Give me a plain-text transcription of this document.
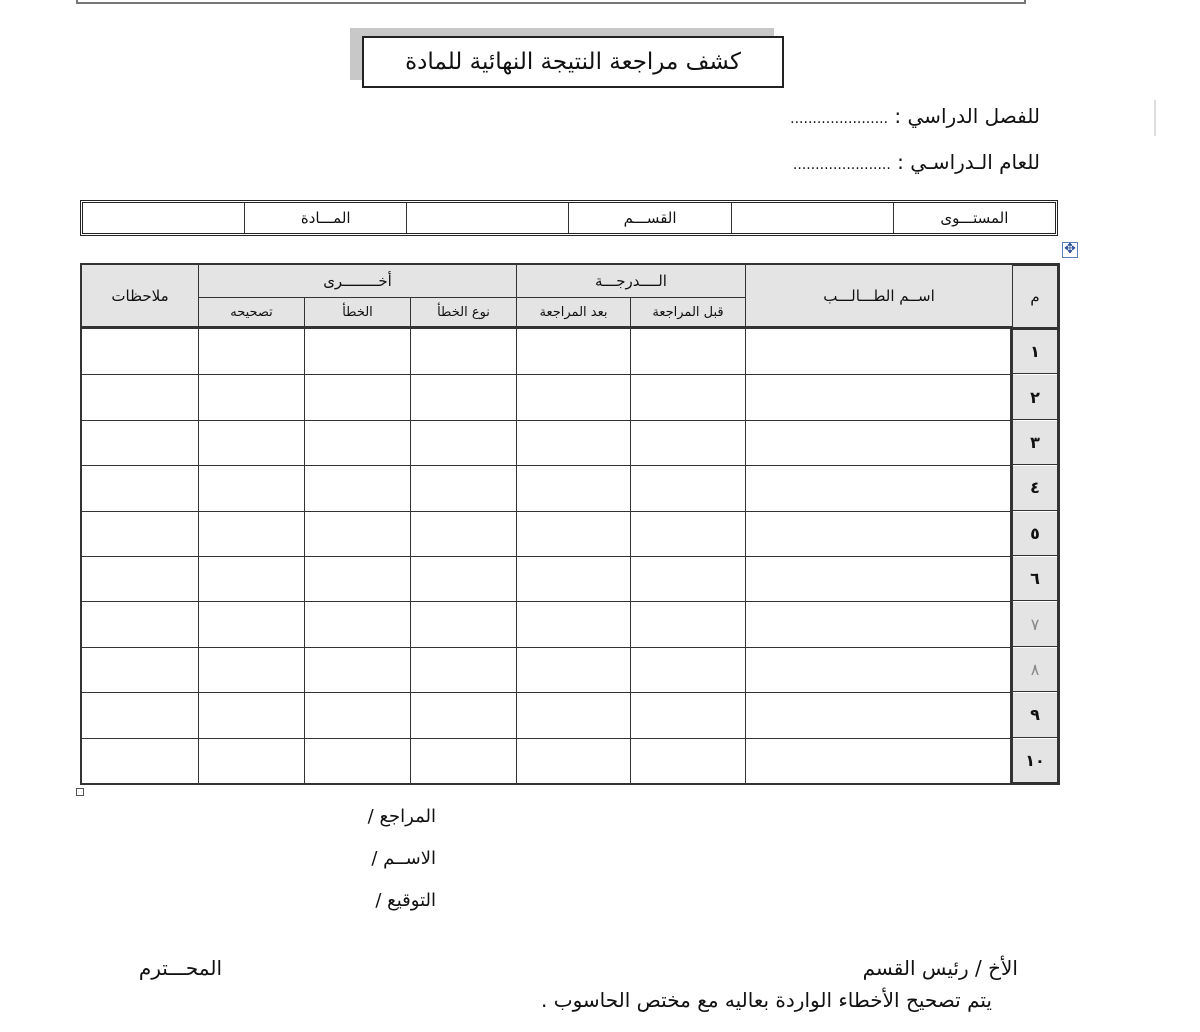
كشف مراجعة النتيجة النهائية للمادة
للفصل الدراسي : ......................
للعام الـدراسـي : ......................
المستـــوى
القســـم
المـــادة
✥
م
اســم الطـــالـــب
الــــدرجـــة
قبل المراجعة
بعد المراجعة
أخــــــــرى
نوع الخطأ
الخطأ
تصحيحه
ملاحظات
١
٢
٣
٤
٥
٦
٧
٨
٩
١٠
المراجع /
الاســم /
التوقيع /
الأخ / رئيس القسم
المحـــترم
يتم تصحيح الأخطاء الواردة بعاليه مع مختص الحاسوب .
